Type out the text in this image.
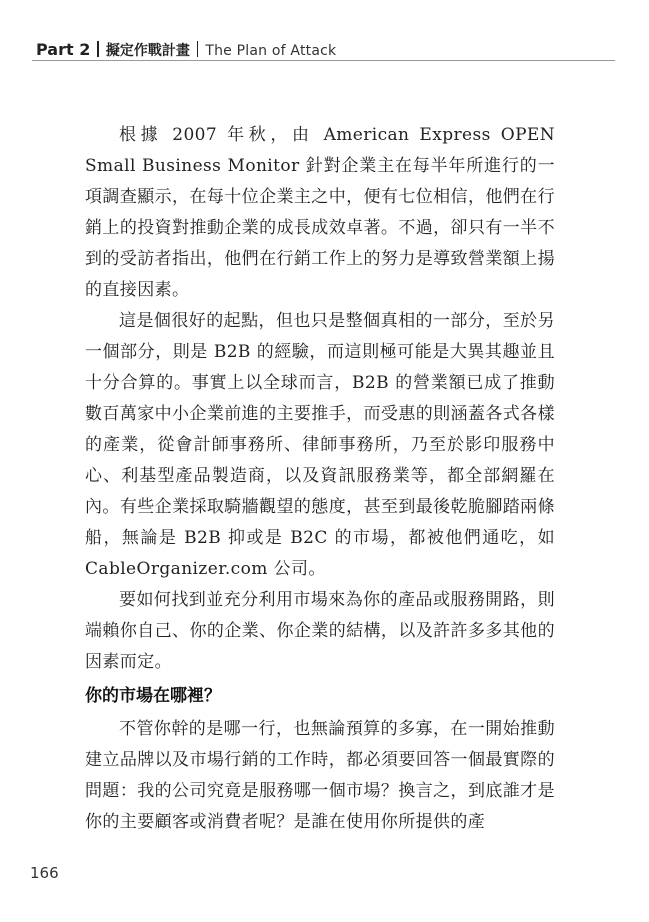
Part 2 擬定作戰計畫 The Plan of Attack

根據 2007 年秋，由 American Express OPEN Small Business Monitor 針對企業主在每半年所進行的一項調查顯示，在每十位企業主之中，便有七位相信，他們在行銷上的投資對推動企業的成長成效卓著。不過，卻只有一半不到的受訪者指出，他們在行銷工作上的努力是導致營業額上揚的直接因素。

這是個很好的起點，但也只是整個真相的一部分，至於另一個部分，則是 B2B 的經驗，而這則極可能是大異其趣並且十分合算的。事實上以全球而言，B2B 的營業額已成了推動數百萬家中小企業前進的主要推手，而受惠的則涵蓋各式各樣的產業，從會計師事務所、律師事務所，乃至於影印服務中心、利基型產品製造商，以及資訊服務業等，都全部網羅在內。有些企業採取騎牆觀望的態度，甚至到最後乾脆腳踏兩條船，無論是 B2B 抑或是 B2C 的市場，都被他們通吃，如 CableOrganizer.com 公司。

要如何找到並充分利用市場來為你的產品或服務開路，則端賴你自己、你的企業、你企業的結構，以及許許多多其他的因素而定。

你的市場在哪裡？

不管你幹的是哪一行，也無論預算的多寡，在一開始推動建立品牌以及市場行銷的工作時，都必須要回答一個最實際的問題：我的公司究竟是服務哪一個市場？換言之，到底誰才是你的主要顧客或消費者呢？是誰在使用你所提供的產

166
